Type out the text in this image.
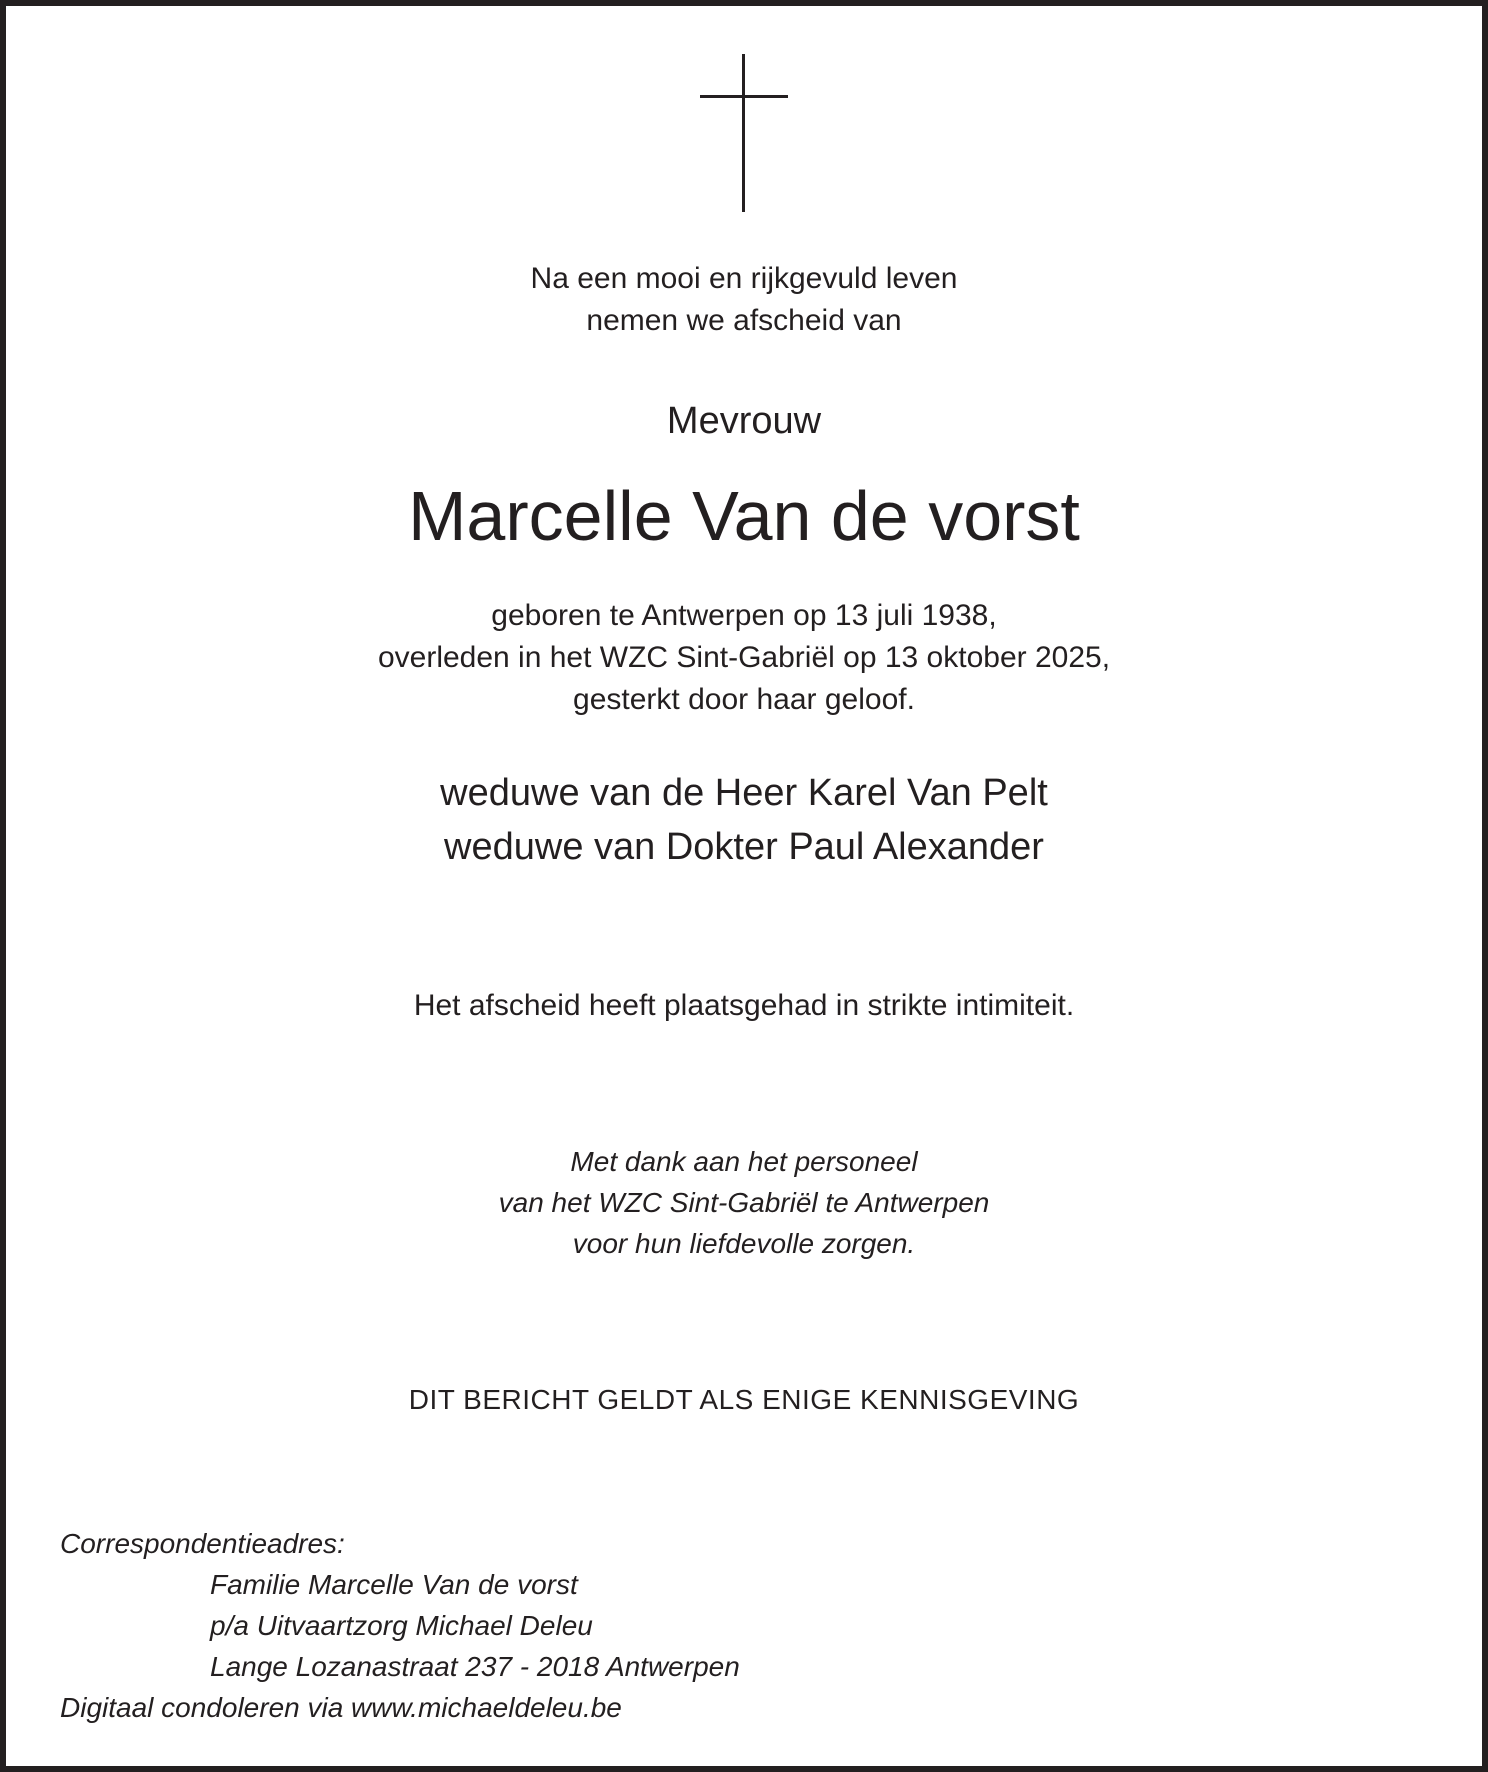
Na een mooi en rijkgevuld leven
nemen we afscheid van
Mevrouw
Marcelle Van de vorst
geboren te Antwerpen op 13 juli 1938,
overleden in het WZC Sint-Gabriël op 13 oktober 2025,
gesterkt door haar geloof.
weduwe van de Heer Karel Van Pelt
weduwe van Dokter Paul Alexander
Het afscheid heeft plaatsgehad in strikte intimiteit.
Met dank aan het personeel
van het WZC Sint-Gabriël te Antwerpen
voor hun liefdevolle zorgen.
DIT BERICHT GELDT ALS ENIGE KENNISGEVING
Correspondentieadres:
Familie Marcelle Van de vorst
p/a Uitvaartzorg Michael Deleu
Lange Lozanastraat 237 - 2018 Antwerpen
Digitaal condoleren via www.michaeldeleu.be
